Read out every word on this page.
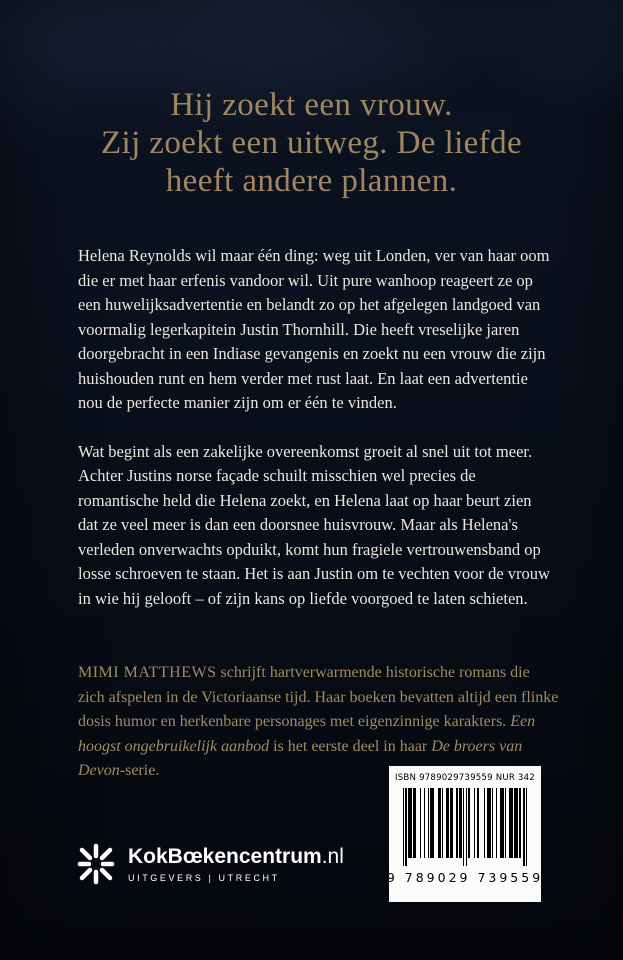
Hij zoekt een vrouw.
Zij zoekt een uitweg. De liefde
heeft andere plannen.

Helena Reynolds wil maar één ding: weg uit Londen, ver van haar oom die er met haar erfenis vandoor wil. Uit pure wanhoop reageert ze op een huwelijksadvertentie en belandt zo op het afgelegen landgoed van voormalig legerkapitein Justin Thornhill. Die heeft vreselijke jaren doorgebracht in een Indiase gevangenis en zoekt nu een vrouw die zijn huishouden runt en hem verder met rust laat. En laat een advertentie nou de perfecte manier zijn om er één te vinden.

Wat begint als een zakelijke overeenkomst groeit al snel uit tot meer. Achter Justins norse façade schuilt misschien wel precies de romantische held die Helena zoekt, en Helena laat op haar beurt zien dat ze veel meer is dan een doorsnee huisvrouw. Maar als Helena's verleden onverwachts opduikt, komt hun fragiele vertrouwensband op losse schroeven te staan. Het is aan Justin om te vechten voor de vrouw in wie hij gelooft – of zijn kans op liefde voorgoed te laten schieten.

MIMI MATTHEWS schrijft hartverwarmende historische romans die zich afspelen in de Victoriaanse tijd. Haar boeken bevatten altijd een flinke dosis humor en herkenbare personages met eigenzinnige karakters. Een hoogst ongebruikelijk aanbod is het eerste deel in haar De broers van Devon-serie.
KokBœkencentrum.nl
UITGEVERS | UTRECHT
ISBN 9789029739559 NUR 342
9 789029 739559
